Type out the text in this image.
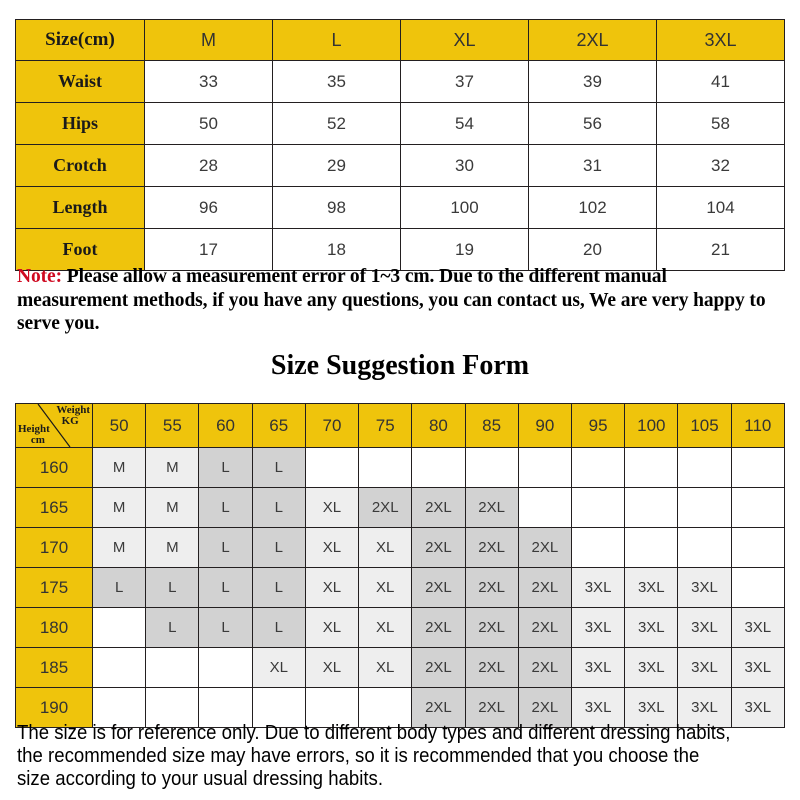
Size(cm)	M	L	XL	2XL	3XL
Waist	33	35	37	39	41
Hips	50	52	54	56	58
Crotch	28	29	30	31	32
Length	96	98	100	102	104
Foot	17	18	19	20	21
Note: Please allow a measurement error of 1~3 cm. Due to the different manual measurement methods, if you have any questions, you can contact us, We are very happy to serve you.
Size Suggestion Form
Weight
KG
Height
cm	50	55	60	65	70	75	80	85	90	95	100	105	110
160	M	M	L	L									
165	M	M	L	L	XL	2XL	2XL	2XL					
170	M	M	L	L	XL	XL	2XL	2XL	2XL				
175	L	L	L	L	XL	XL	2XL	2XL	2XL	3XL	3XL	3XL	
180		L	L	L	XL	XL	2XL	2XL	2XL	3XL	3XL	3XL	3XL
185				XL	XL	XL	2XL	2XL	2XL	3XL	3XL	3XL	3XL
190							2XL	2XL	2XL	3XL	3XL	3XL	3XL
The size is for reference only. Due to different body types and different dressing habits, the recommended size may have errors, so it is recommended that you choose the size according to your usual dressing habits.
